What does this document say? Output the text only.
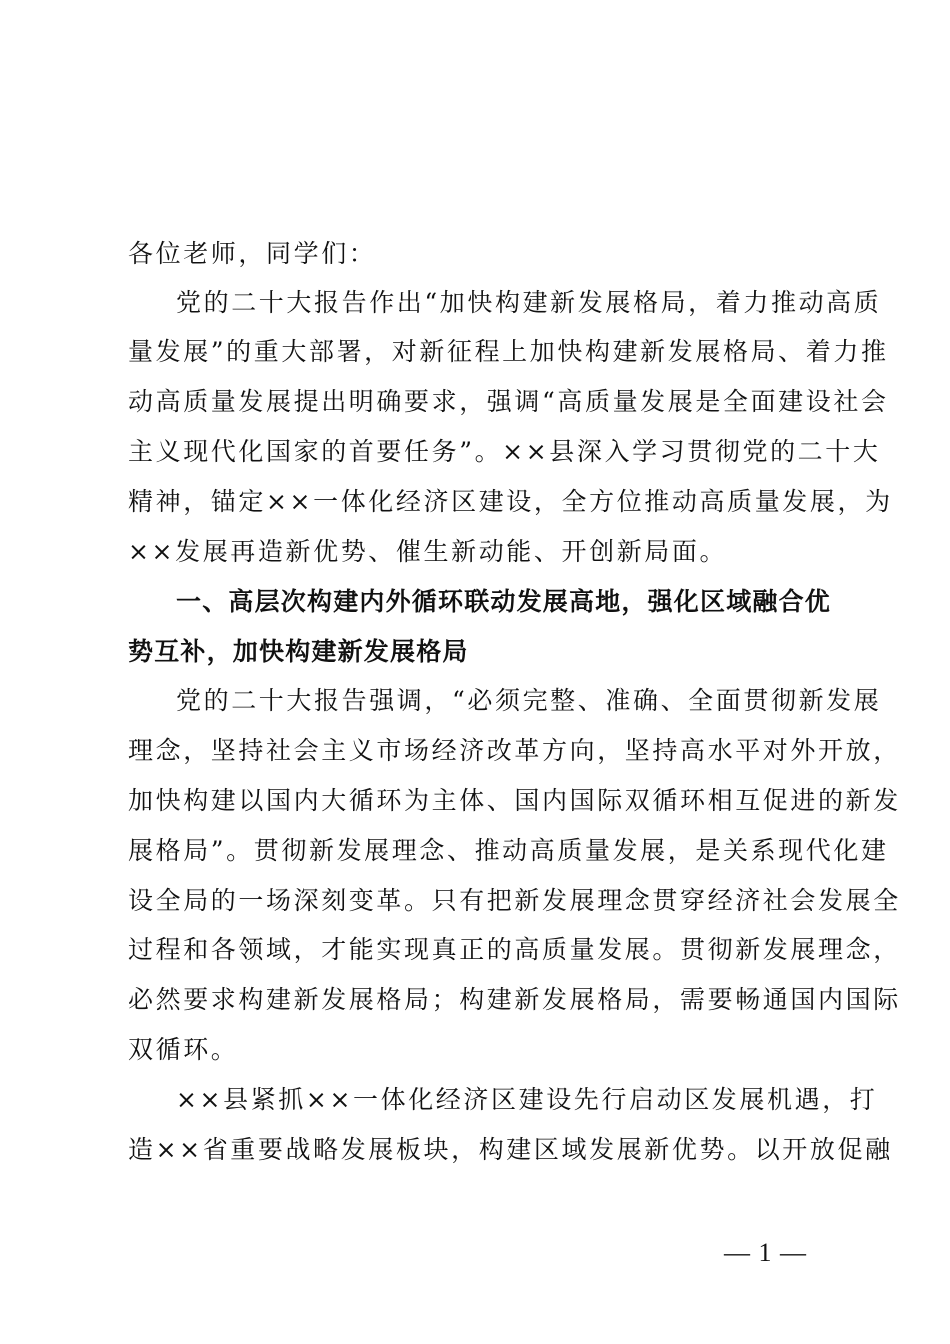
各位老师，同学们：
党的二十大报告作出“加快构建新发展格局，着力推动高质
量发展”的重大部署，对新征程上加快构建新发展格局、着力推
动高质量发展提出明确要求，强调“高质量发展是全面建设社会
主义现代化国家的首要任务”。××县深入学习贯彻党的二十大
精神，锚定××一体化经济区建设，全方位推动高质量发展，为
××发展再造新优势、催生新动能、开创新局面。
一、高层次构建内外循环联动发展高地，强化区域融合优
势互补，加快构建新发展格局
党的二十大报告强调，“必须完整、准确、全面贯彻新发展
理念，坚持社会主义市场经济改革方向，坚持高水平对外开放，
加快构建以国内大循环为主体、国内国际双循环相互促进的新发
展格局”。贯彻新发展理念、推动高质量发展，是关系现代化建
设全局的一场深刻变革。只有把新发展理念贯穿经济社会发展全
过程和各领域，才能实现真正的高质量发展。贯彻新发展理念，
必然要求构建新发展格局；构建新发展格局，需要畅通国内国际
双循环。
××县紧抓××一体化经济区建设先行启动区发展机遇，打
造××省重要战略发展板块，构建区域发展新优势。以开放促融
— 1 —
